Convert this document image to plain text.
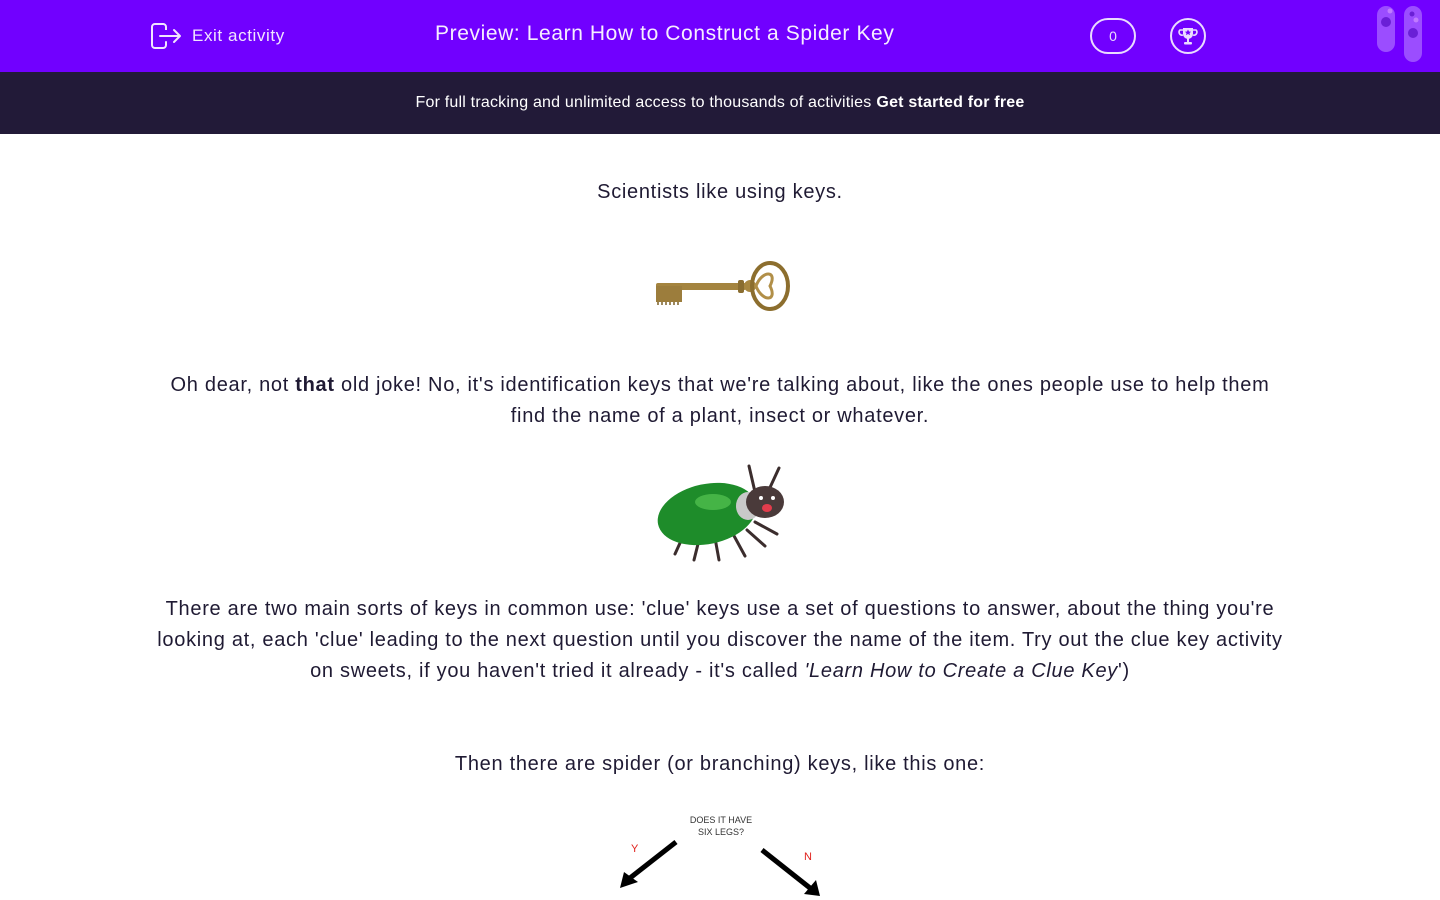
Exit activity	Preview: Learn How to Construct a Spider Key	0
For full tracking and unlimited access to thousands of activities Get started for free
Scientists like using keys.
Oh dear, not that old joke! No, it's identification keys that we're talking about, like the ones people use to help them find the name of a plant, insect or whatever.
There are two main sorts of keys in common use: 'clue' keys use a set of questions to answer, about the thing you're looking at, each 'clue' leading to the next question until you discover the name of the item. Try out the clue key activity on sweets, if you haven't tried it already - it's called 'Learn How to Create a Clue Key')
Then there are spider (or branching) keys, like this one:
DOES IT HAVE SIX LEGS?
Y
N
